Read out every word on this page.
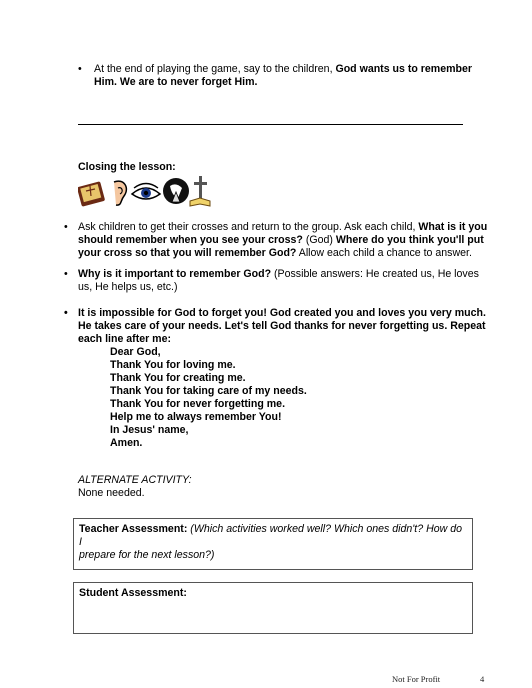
• At the end of playing the game, say to the children, God wants us to remember
Him. We are to never forget Him.
Closing the lesson:
• Ask children to get their crosses and return to the group. Ask each child, What is it you
should remember when you see your cross? (God) Where do you think you'll put
your cross so that you will remember God? Allow each child a chance to answer.
• Why is it important to remember God? (Possible answers: He created us, He loves
us, He helps us, etc.)
• It is impossible for God to forget you! God created you and loves you very much.
He takes care of your needs. Let's tell God thanks for never forgetting us. Repeat
each line after me:
Dear God,
Thank You for loving me.
Thank You for creating me.
Thank You for taking care of my needs.
Thank You for never forgetting me.
Help me to always remember You!
In Jesus' name,
Amen.
ALTERNATE ACTIVITY:
None needed.
Teacher Assessment: (Which activities worked well? Which ones didn't? How do I
prepare for the next lesson?)
Student Assessment:
Not For Profit	4
